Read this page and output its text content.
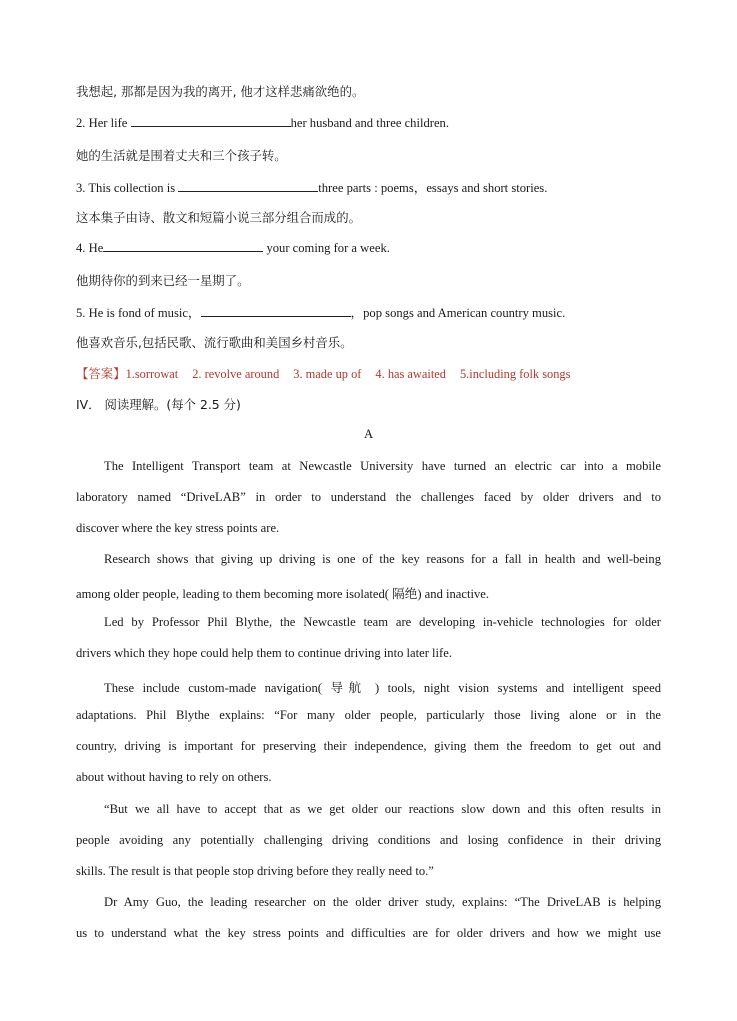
我想起, 那都是因为我的离开, 他才这样悲痛欲绝的。
2. Her life	her husband and three children.
她的生活就是围着丈夫和三个孩子转。
3. This collection is	three parts : poems，essays and short stories.
这本集子由诗、散文和短篇小说三部分组合而成的。
4. He	your coming for a week.
他期待你的到来已经一星期了。
5. He is fond of music，	，pop songs and American country music.
他喜欢音乐,包括民歌、流行歌曲和美国乡村音乐。
【答案】1.sorrowat 2. revolve around 3. made up of 4. has awaited 5.including folk songs
IV． 阅读理解。(每个 2.5 分)
A
The Intelligent Transport team at Newcastle University have turned an electric car into a mobile
laboratory named “DriveLAB” in order to understand the challenges faced by older drivers and to
discover where the key stress points are.
Research shows that giving up driving is one of the key reasons for a fall in health and well-being
among older people, leading to them becoming more isolated( 隔绝) and inactive.
Led by Professor Phil Blythe, the Newcastle team are developing in-vehicle technologies for older
drivers which they hope could help them to continue driving into later life.
These include custom-made navigation( 导航 ) tools, night vision systems and intelligent speed
adaptations. Phil Blythe explains: “For many older people, particularly those living alone or in the
country, driving is important for preserving their independence, giving them the freedom to get out and
about without having to rely on others.
“But we all have to accept that as we get older our reactions slow down and this often results in
people avoiding any potentially challenging driving conditions and losing confidence in their driving
skills. The result is that people stop driving before they really need to.”
Dr Amy Guo, the leading researcher on the older driver study, explains: “The DriveLAB is helping
us to understand what the key stress points and difficulties are for older drivers and how we might use
